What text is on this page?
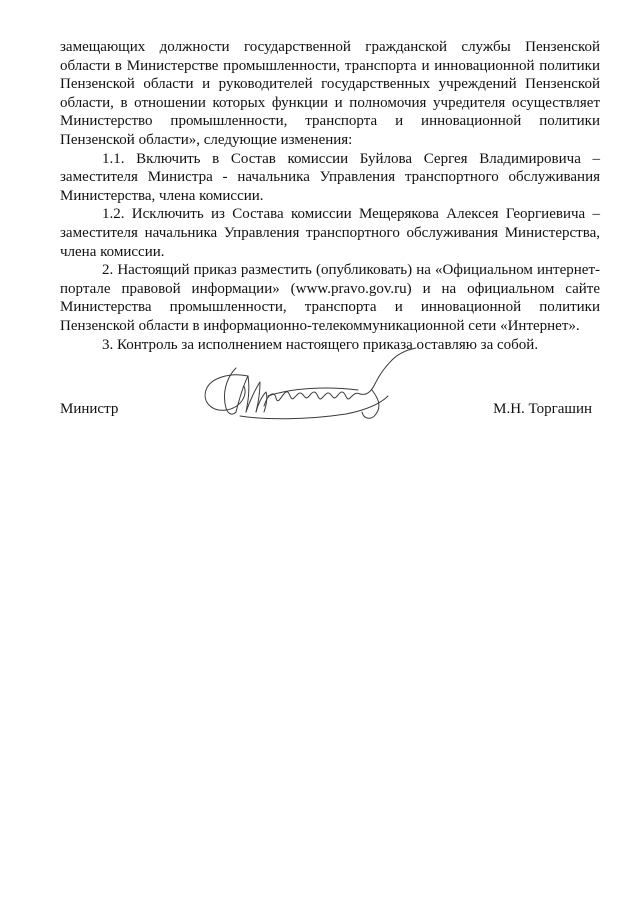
замещающих должности государственной гражданской службы Пензенской области в Министерстве промышленности, транспорта и инновационной политики Пензенской области и руководителей государственных учреждений Пензенской области, в отношении которых функции и полномочия учредителя осуществляет Министерство промышленности, транспорта и инновационной политики Пензенской области», следующие изменения:

1.1. Включить в Состав комиссии Буйлова Сергея Владимировича – заместителя Министра - начальника Управления транспортного обслуживания Министерства, члена комиссии.

1.2. Исключить из Состава комиссии Мещерякова Алексея Георгиевича – заместителя начальника Управления транспортного обслуживания Министерства, члена комиссии.

2. Настоящий приказ разместить (опубликовать) на «Официальном интернет-портале правовой информации» (www.pravo.gov.ru) и на официальном сайте Министерства промышленности, транспорта и инновационной политики Пензенской области в информационно-телекоммуникационной сети «Интернет».

3. Контроль за исполнением настоящего приказа оставляю за собой.

Министр	М.Н. Торгашин
